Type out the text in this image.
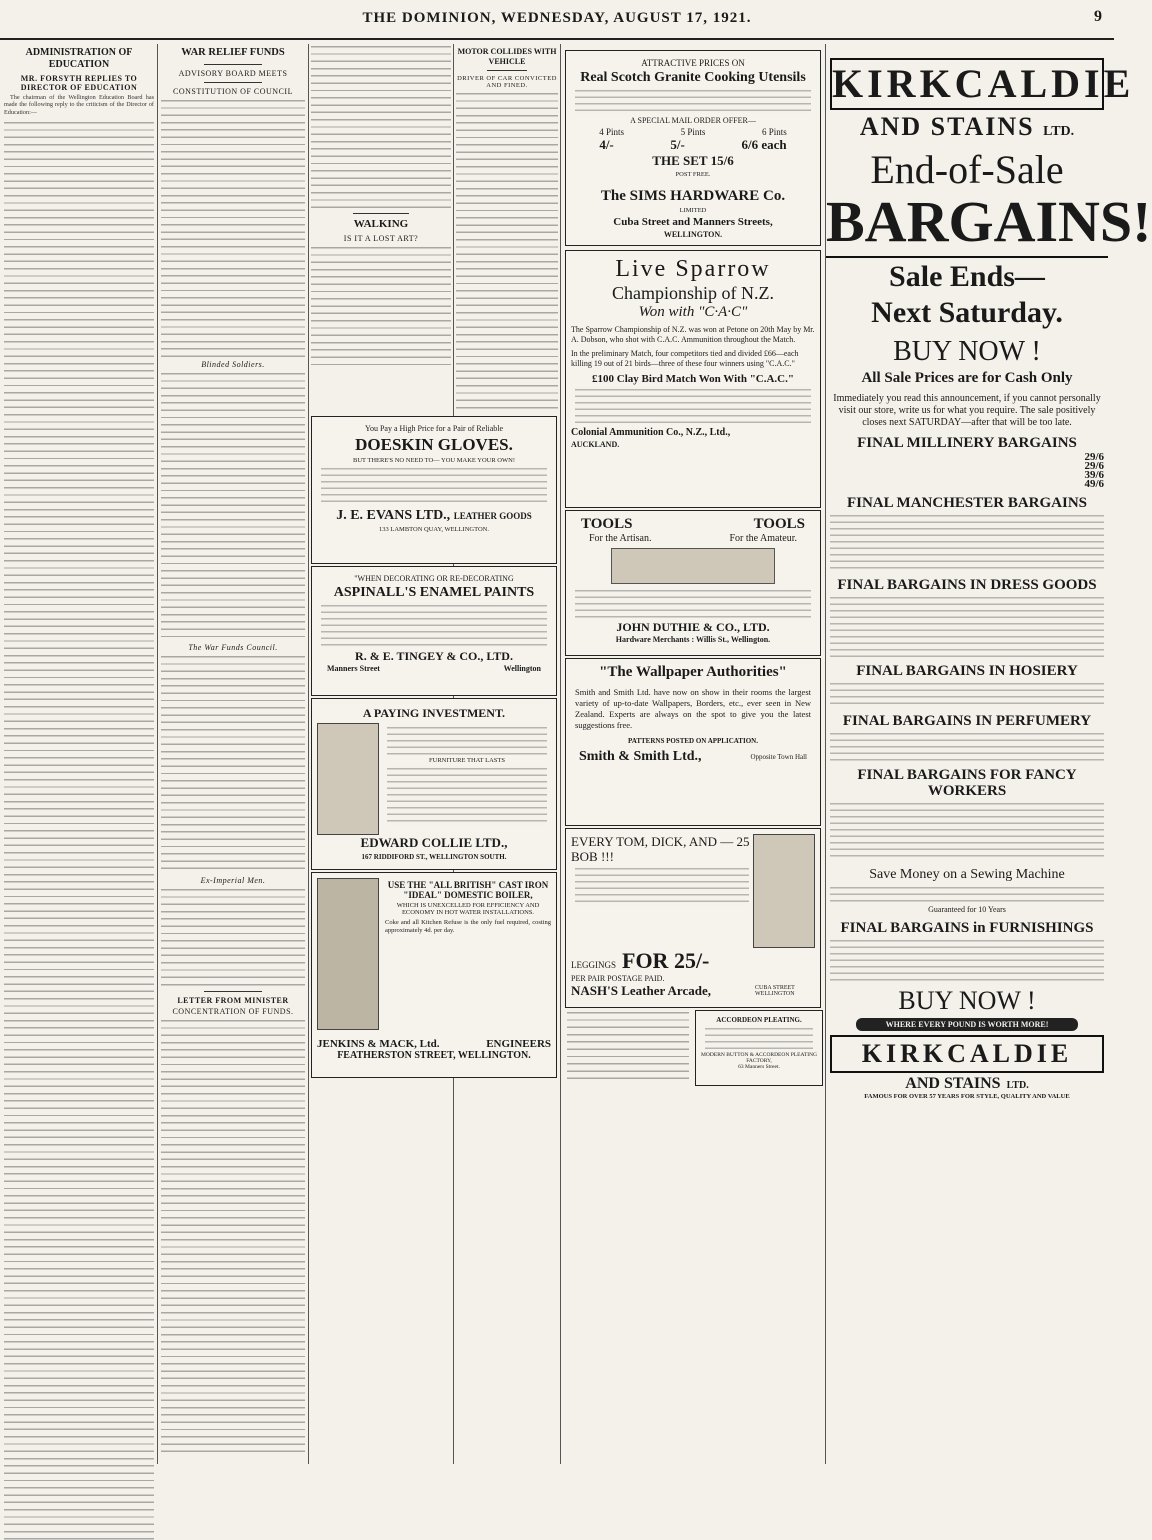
THE DOMINION, WEDNESDAY, AUGUST 17, 1921.	9
ADMINISTRATION OF EDUCATION
MR. FORSYTH REPLIES TO DIRECTOR OF EDUCATION

The chairman of the Wellington Education Board has made the following reply to the criticism of the Director of Education:—

WAR RELIEF FUNDS
ADVISORY BOARD MEETS
CONSTITUTION OF COUNCIL
Blinded Soldiers.
The War Funds Council.
Ex-Imperial Men.
LETTER FROM MINISTER
CONCENTRATION OF FUNDS.
WALKING
IS IT A LOST ART?
MOTOR COLLIDES WITH VEHICLE
DRIVER OF CAR CONVICTED AND FINED.
You Pay a High Price for a Pair of Reliable
DOESKIN GLOVES.
BUT THERE'S NO NEED TO— YOU MAKE YOUR OWN!
J. E. EVANS LTD., LEATHER GOODS
133 LAMBTON QUAY, WELLINGTON.
"WHEN DECORATING OR RE-DECORATING
ASPINALL'S ENAMEL PAINTS
R. & E. TINGEY & CO., LTD.
Manners Street	Wellington
A PAYING INVESTMENT.
FURNITURE THAT LASTS
EDWARD COLLIE LTD.,
167 RIDDIFORD ST., WELLINGTON SOUTH.
USE THE "ALL BRITISH" CAST IRON "IDEAL" DOMESTIC BOILER,
WHICH IS UNEXCELLED FOR EFFICIENCY AND ECONOMY IN HOT WATER INSTALLATIONS.
Coke and all Kitchen Refuse is the only fuel required, costing approximately 4d. per day.
JENKINS & MACK, Ltd.	ENGINEERS
FEATHERSTON STREET, WELLINGTON.
ATTRACTIVE PRICES ON
Real Scotch Granite Cooking Utensils
A SPECIAL MAIL ORDER OFFER—
4 Pints	5 Pints	6 Pints
4/-	5/-	6/6 each
THE SET 15/6
POST FREE.
The SIMS HARDWARE Co.
LIMITED
Cuba Street and Manners Streets,
WELLINGTON.
Live Sparrow
Championship of N.Z.
Won with "C·A·C"
The Sparrow Championship of N.Z. was won at Petone on 20th May by Mr. A. Dobson, who shot with C.A.C. Ammunition throughout the Match.
In the preliminary Match, four competitors tied and divided £66—each killing 19 out of 21 birds—three of these four winners using "C.A.C."
£100 Clay Bird Match Won With "C.A.C."
Colonial Ammunition Co., N.Z., Ltd.,
AUCKLAND.
TOOLS	TOOLS
For the Artisan.	For the Amateur.
JOHN DUTHIE & CO., LTD.
Hardware Merchants : Willis St., Wellington.
"The Wallpaper Authorities"
Smith and Smith Ltd. have now on show in their rooms the largest variety of up-to-date Wallpapers, Borders, etc., ever seen in New Zealand. Experts are always on the spot to give you the latest suggestions free.
PATTERNS POSTED ON APPLICATION.
Smith & Smith Ltd.,	Opposite Town Hall
EVERY TOM, DICK, AND — 25 BOB !!!
LEGGINGS FOR 25/-
PER PAIR POSTAGE PAID.
NASH'S Leather Arcade,	CUBA STREET WELLINGTON
ACCORDEON PLEATING.
MODERN BUTTON & ACCORDEON PLEATING FACTORY,
63 Manners Street.
KIRKCALDIE
AND STAINS LTD.
End-of-Sale
BARGAINS!
Sale Ends—
Next Saturday.
BUY NOW !
All Sale Prices are for Cash Only
Immediately you read this announcement, if you cannot personally visit our store, write us for what you require. The sale positively closes next SATURDAY—after that will be too late.
FINAL MILLINERY BARGAINS
29/6
29/6
39/6
49/6
FINAL MANCHESTER BARGAINS
FINAL BARGAINS IN DRESS GOODS
FINAL BARGAINS IN HOSIERY
FINAL BARGAINS IN PERFUMERY
FINAL BARGAINS FOR FANCY WORKERS
Save Money on a Sewing Machine
Guaranteed for 10 Years
FINAL BARGAINS in FURNISHINGS
BUY NOW !
WHERE EVERY POUND IS WORTH MORE!
KIRKCALDIE
AND STAINS LTD.
FAMOUS FOR OVER 57 YEARS FOR STYLE, QUALITY AND VALUE
